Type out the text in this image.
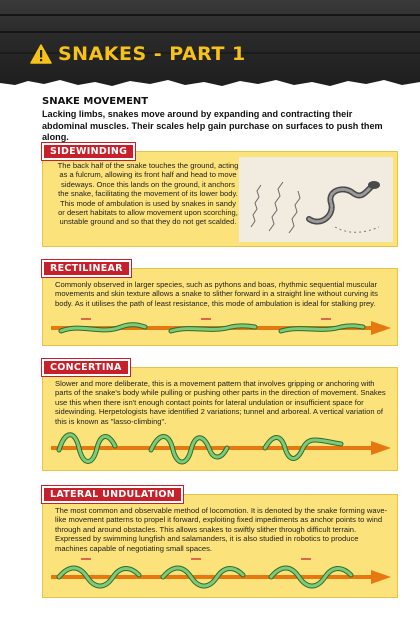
SNAKES - PART 1
SNAKE MOVEMENT
Lacking limbs, snakes move around by expanding and contracting their abdominal muscles. Their scales help gain purchase on surfaces to push them along.
The back half of the snake touches the ground, acting as a fulcrum, allowing its front half and head to move sideways. Once this lands on the ground, it anchors the snake, facilitating the movement of its lower body. This mode of ambulation is used by snakes in sandy or desert habitats to allow movement upon scorching, unstable ground and so that they do not get scalded.
SIDEWINDING
Commonly observed in larger species, such as pythons and boas, rhythmic sequential muscular movements and skin texture allows a snake to slither forward in a straight line without curving its body. As it utilises the path of least resistance, this mode of ambulation is ideal for stalking prey.
RECTILINEAR
Slower and more deliberate, this is a movement pattern that involves gripping or anchoring with parts of the snake's body while pulling or pushing other parts in the direction of movement. Snakes use this when there isn't enough contact points for lateral undulation or insufficient space for sidewinding. Herpetologists have identified 2 variations; tunnel and arboreal. A vertical variation of this is known as "lasso-climbing".
CONCERTINA
The most common and observable method of locomotion. It is denoted by the snake forming wave-like movement patterns to propel it forward, exploiting fixed impediments as anchor points to wind through and around obstacles. This allows snakes to swiftly slither through difficult terrain. Expressed by swimming lungfish and salamanders, it is also studied in robotics to produce machines capable of negotiating small spaces.
LATERAL UNDULATION
